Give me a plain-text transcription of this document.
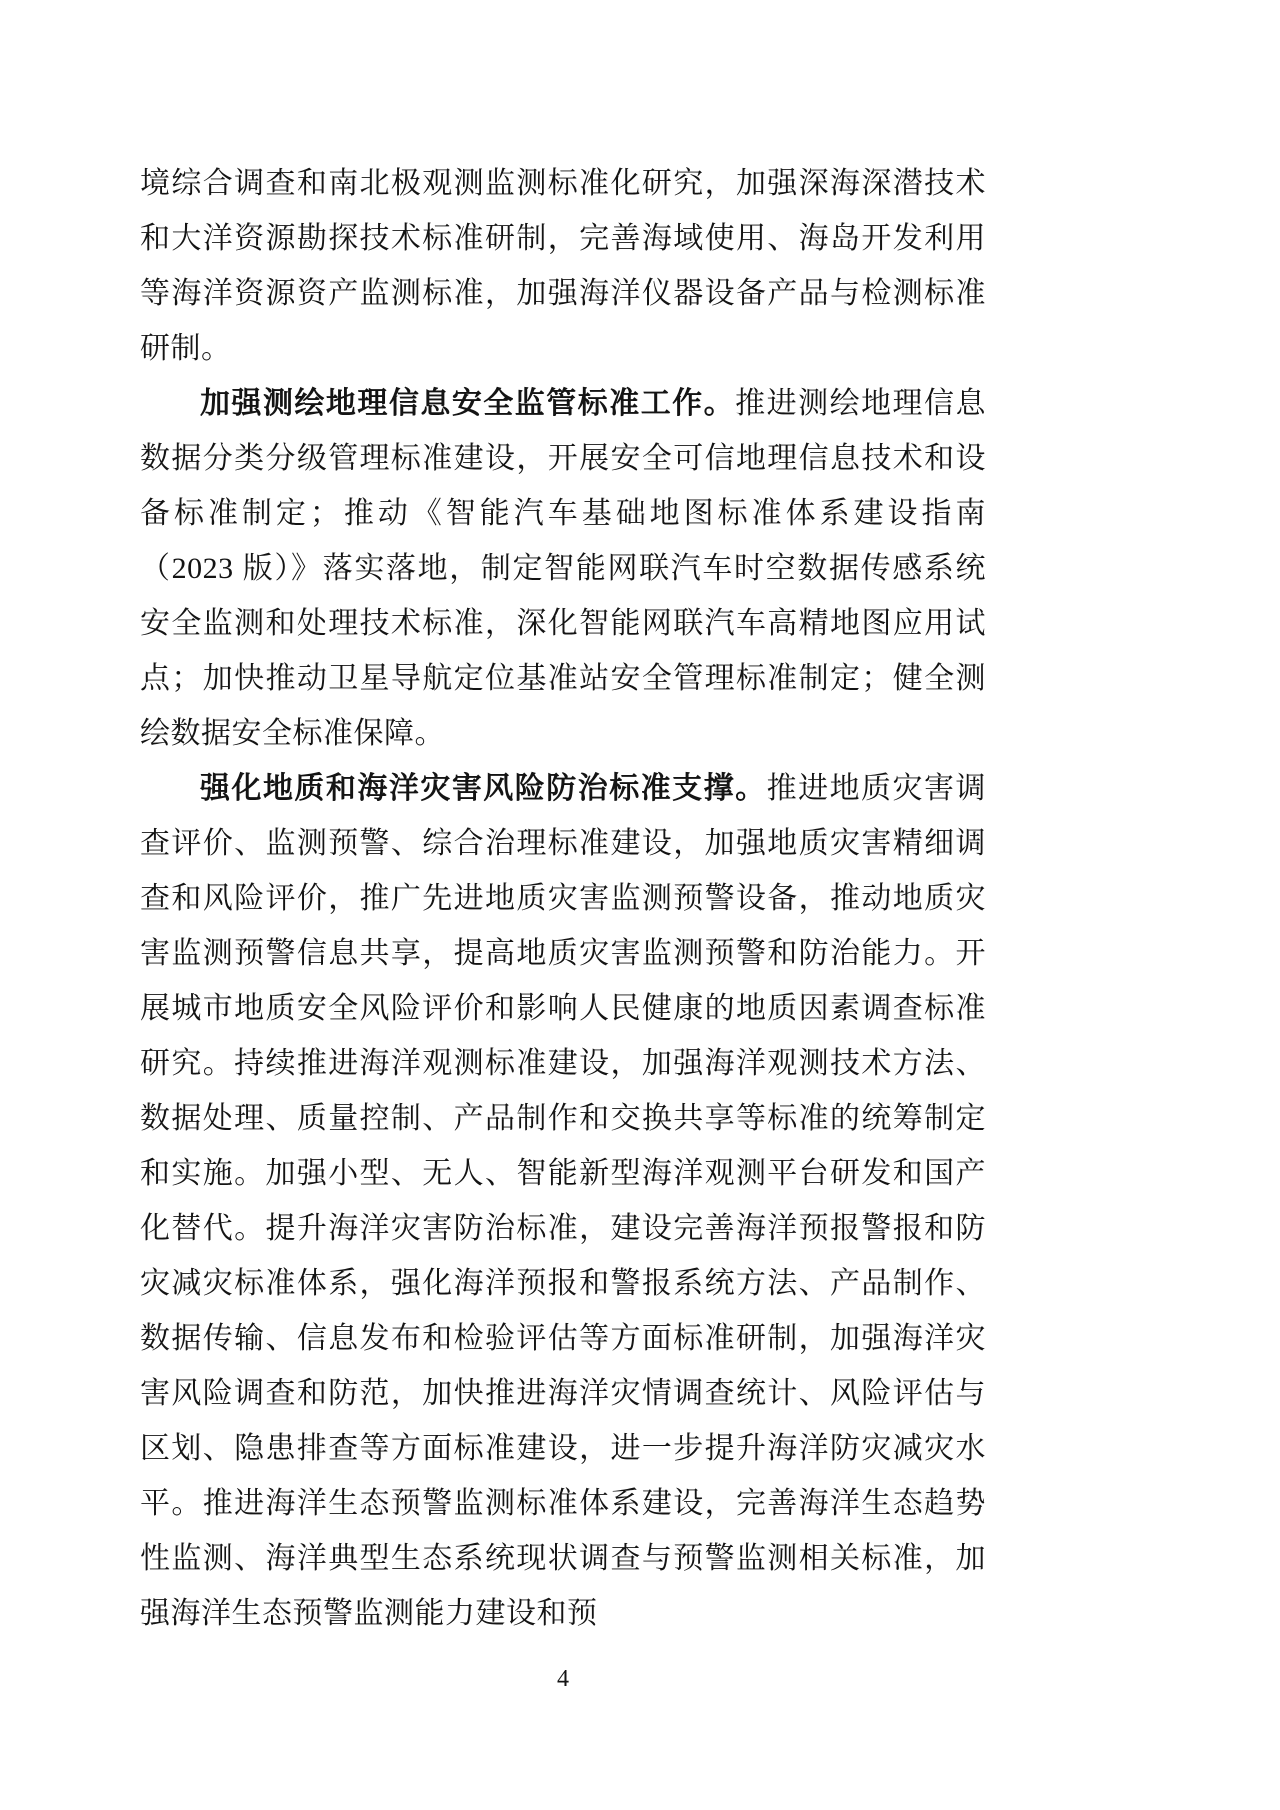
境综合调查和南北极观测监测标准化研究，加强深海深潜技术和大洋资源勘探技术标准研制，完善海域使用、海岛开发利用等海洋资源资产监测标准，加强海洋仪器设备产品与检测标准研制。

加强测绘地理信息安全监管标准工作。推进测绘地理信息数据分类分级管理标准建设，开展安全可信地理信息技术和设备标准制定；推动《智能汽车基础地图标准体系建设指南（2023 版）》落实落地，制定智能网联汽车时空数据传感系统安全监测和处理技术标准，深化智能网联汽车高精地图应用试点；加快推动卫星导航定位基准站安全管理标准制定；健全测绘数据安全标准保障。

强化地质和海洋灾害风险防治标准支撑。推进地质灾害调查评价、监测预警、综合治理标准建设，加强地质灾害精细调查和风险评价，推广先进地质灾害监测预警设备，推动地质灾害监测预警信息共享，提高地质灾害监测预警和防治能力。开展城市地质安全风险评价和影响人民健康的地质因素调查标准研究。持续推进海洋观测标准建设，加强海洋观测技术方法、数据处理、质量控制、产品制作和交换共享等标准的统筹制定和实施。加强小型、无人、智能新型海洋观测平台研发和国产化替代。提升海洋灾害防治标准，建设完善海洋预报警报和防灾减灾标准体系，强化海洋预报和警报系统方法、产品制作、数据传输、信息发布和检验评估等方面标准研制，加强海洋灾害风险调查和防范，加快推进海洋灾情调查统计、风险评估与区划、隐患排查等方面标准建设，进一步提升海洋防灾减灾水平。推进海洋生态预警监测标准体系建设，完善海洋生态趋势性监测、海洋典型生态系统现状调查与预警监测相关标准，加强海洋生态预警监测能力建设和预

4
